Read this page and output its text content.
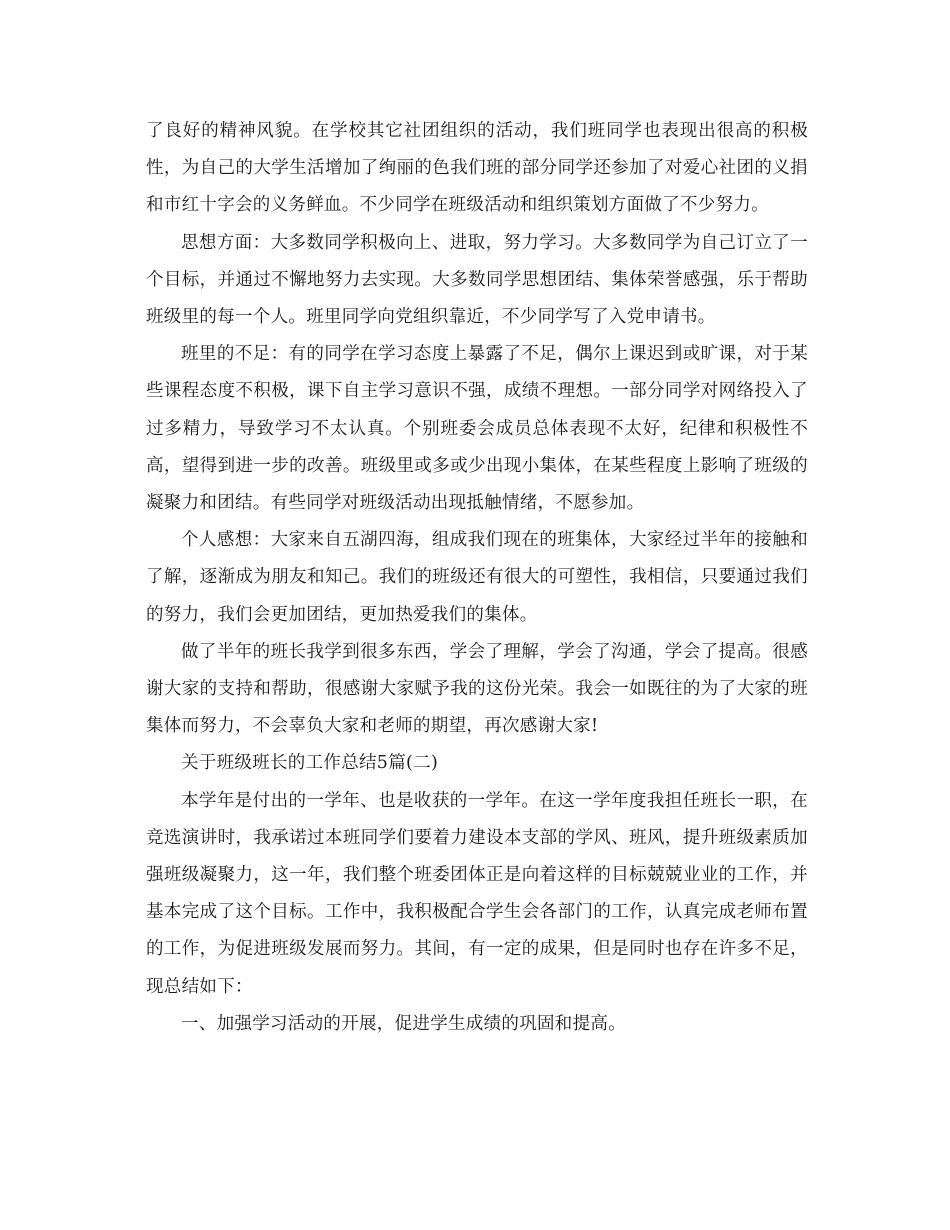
了良好的精神风貌。在学校其它社团组织的活动，我们班同学也表现出很高的积极性，为自己的大学生活增加了绚丽的色我们班的部分同学还参加了对爱心社团的义捐和市红十字会的义务鲜血。不少同学在班级活动和组织策划方面做了不少努力。

思想方面：大多数同学积极向上、进取，努力学习。大多数同学为自己订立了一个目标，并通过不懈地努力去实现。大多数同学思想团结、集体荣誉感强，乐于帮助班级里的每一个人。班里同学向党组织靠近，不少同学写了入党申请书。

班里的不足：有的同学在学习态度上暴露了不足，偶尔上课迟到或旷课，对于某些课程态度不积极，课下自主学习意识不强，成绩不理想。一部分同学对网络投入了过多精力，导致学习不太认真。个别班委会成员总体表现不太好，纪律和积极性不高，望得到进一步的改善。班级里或多或少出现小集体，在某些程度上影响了班级的凝聚力和团结。有些同学对班级活动出现抵触情绪，不愿参加。

个人感想：大家来自五湖四海，组成我们现在的班集体，大家经过半年的接触和了解，逐渐成为朋友和知己。我们的班级还有很大的可塑性，我相信，只要通过我们的努力，我们会更加团结，更加热爱我们的集体。

做了半年的班长我学到很多东西，学会了理解，学会了沟通，学会了提高。很感谢大家的支持和帮助，很感谢大家赋予我的这份光荣。我会一如既往的为了大家的班集体而努力，不会辜负大家和老师的期望，再次感谢大家!

关于班级班长的工作总结5篇(二)

本学年是付出的一学年、也是收获的一学年。在这一学年度我担任班长一职，在竞选演讲时，我承诺过本班同学们要着力建设本支部的学风、班风，提升班级素质加强班级凝聚力，这一年，我们整个班委团体正是向着这样的目标兢兢业业的工作，并基本完成了这个目标。工作中，我积极配合学生会各部门的工作，认真完成老师布置的工作，为促进班级发展而努力。其间，有一定的成果，但是同时也存在许多不足，现总结如下：

一、加强学习活动的开展，促进学生成绩的巩固和提高。
